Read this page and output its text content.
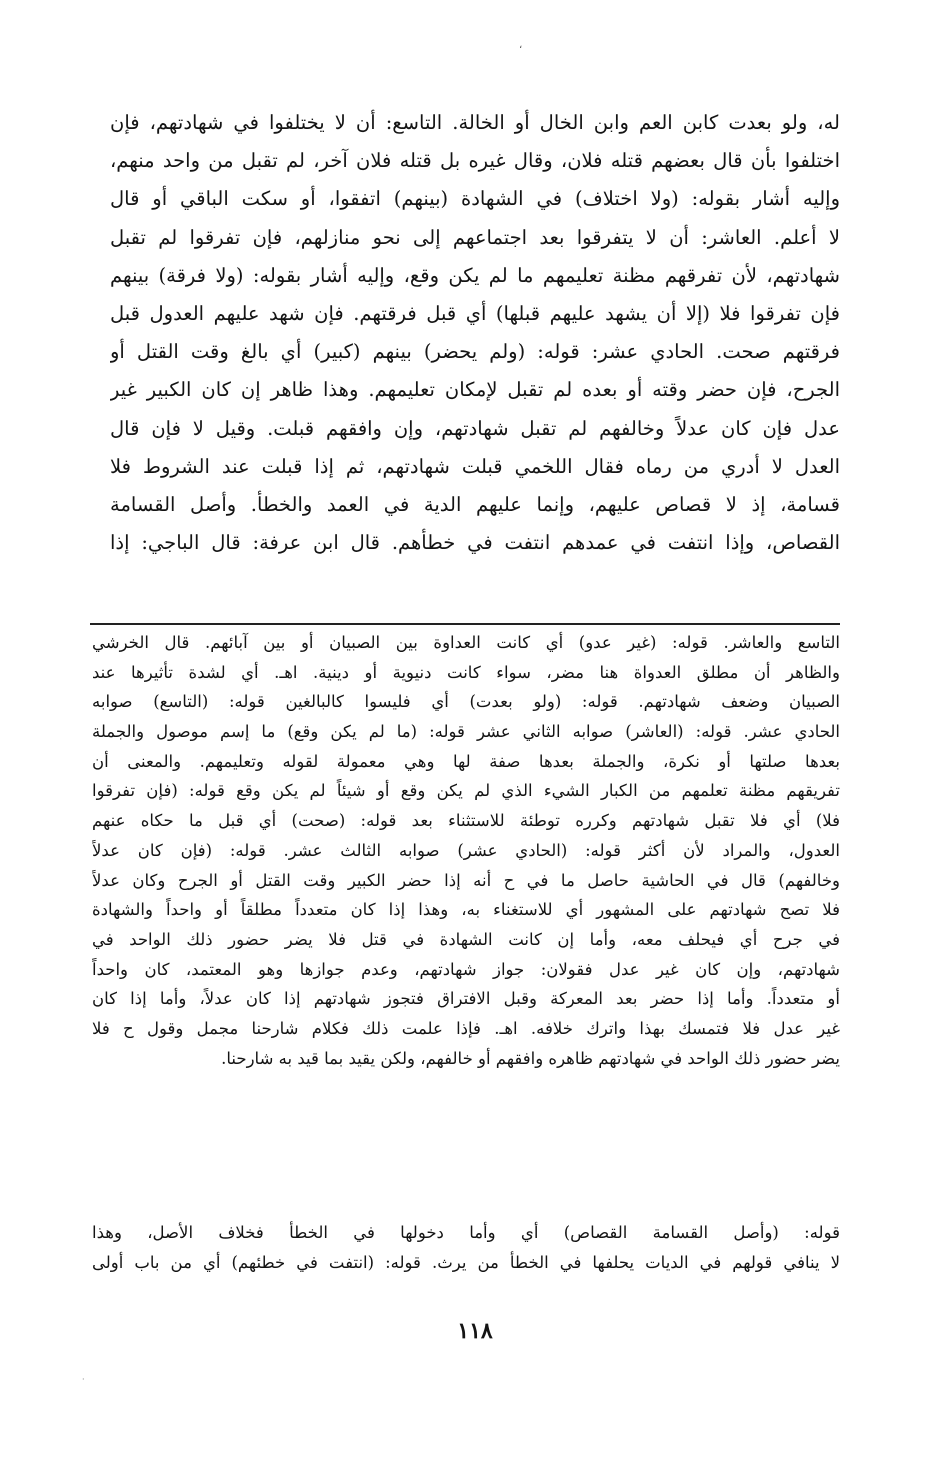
،
له، ولو بعدت كابن العم وابن الخال أو الخالة. التاسع: أن لا يختلفوا في شهادتهم، فإن
اختلفوا بأن قال بعضهم قتله فلان، وقال غيره بل قتله فلان آخر، لم تقبل من واحد منهم،
وإليه أشار بقوله: (ولا اختلاف) في الشهادة (بينهم) اتفقوا، أو سكت الباقي أو قال
لا أعلم. العاشر: أن لا يتفرقوا بعد اجتماعهم إلى نحو منازلهم، فإن تفرقوا لم تقبل
شهادتهم، لأن تفرقهم مظنة تعليمهم ما لم يكن وقع، وإليه أشار بقوله: (ولا فرقة) بينهم
فإن تفرقوا فلا (إلا أن يشهد عليهم قبلها) أي قبل فرقتهم. فإن شهد عليهم العدول قبل
فرقتهم صحت. الحادي عشر: قوله: (ولم يحضر) بينهم (كبير) أي بالغ وقت القتل أو
الجرح، فإن حضر وقته أو بعده لم تقبل لإمكان تعليمهم. وهذا ظاهر إن كان الكبير غير
عدل فإن كان عدلاً وخالفهم لم تقبل شهادتهم، وإن وافقهم قبلت. وقيل لا فإن قال
العدل لا أدري من رماه فقال اللخمي قبلت شهادتهم، ثم إذا قبلت عند الشروط فلا
قسامة، إذ لا قصاص عليهم، وإنما عليهم الدية في العمد والخطأ. وأصل القسامة
القصاص، وإذا انتفت في عمدهم انتفت في خطأهم. قال ابن عرفة: قال الباجي: إذا
التاسع والعاشر. قوله: (غير عدو) أي كانت العداوة بين الصبيان أو بين آبائهم. قال الخرشي
والظاهر أن مطلق العدواة هنا مضر، سواء كانت دنيوية أو دينية. اهـ. أي لشدة تأثيرها عند
الصبيان وضعف شهادتهم. قوله: (ولو بعدت) أي فليسوا كالبالغين قوله: (التاسع) صوابه
الحادي عشر. قوله: (العاشر) صوابه الثاني عشر قوله: (ما لم يكن وقع) ما إسم موصول والجملة
بعدها صلتها أو نكرة، والجملة بعدها صفة لها وهي معمولة لقوله وتعليمهم. والمعنى أن
تفريقهم مظنة تعلمهم من الكبار الشيء الذي لم يكن وقع أو شيئاً لم يكن وقع قوله: (فإن تفرقوا
فلا) أي فلا تقبل شهادتهم وكرره توطئة للاستثناء بعد قوله: (صحت) أي قبل ما حكاه عنهم
العدول، والمراد لأن أكثر قوله: (الحادي عشر) صوابه الثالث عشر. قوله: (فإن كان عدلاً
وخالفهم) قال في الحاشية حاصل ما في ح أنه إذا حضر الكبير وقت القتل أو الجرح وكان عدلاً
فلا تصح شهادتهم على المشهور أي للاستغناء به، وهذا إذا كان متعدداً مطلقاً أو واحداً والشهادة
في جرح أي فيحلف معه، وأما إن كانت الشهادة في قتل فلا يضر حضور ذلك الواحد في
شهادتهم، وإن كان غير عدل فقولان: جواز شهادتهم، وعدم جوازها وهو المعتمد، كان واحداً
أو متعدداً. وأما إذا حضر بعد المعركة وقبل الافتراق فتجوز شهادتهم إذا كان عدلاً، وأما إذا كان
غير عدل فلا فتمسك بهذا واترك خلافه. اهـ. فإذا علمت ذلك فكلام شارحنا مجمل وقول ح فلا
يضر حضور ذلك الواحد في شهادتهم ظاهره وافقهم أو خالفهم، ولكن يقيد بما قيد به شارحنا.
قوله: (وأصل القسامة القصاص) أي وأما دخولها في الخطأ فخلاف الأصل، وهذا
لا ينافي قولهم في الديات يحلفها في الخطأ من يرث. قوله: (انتفت في خطئهم) أي من باب أولى
١١٨
·
